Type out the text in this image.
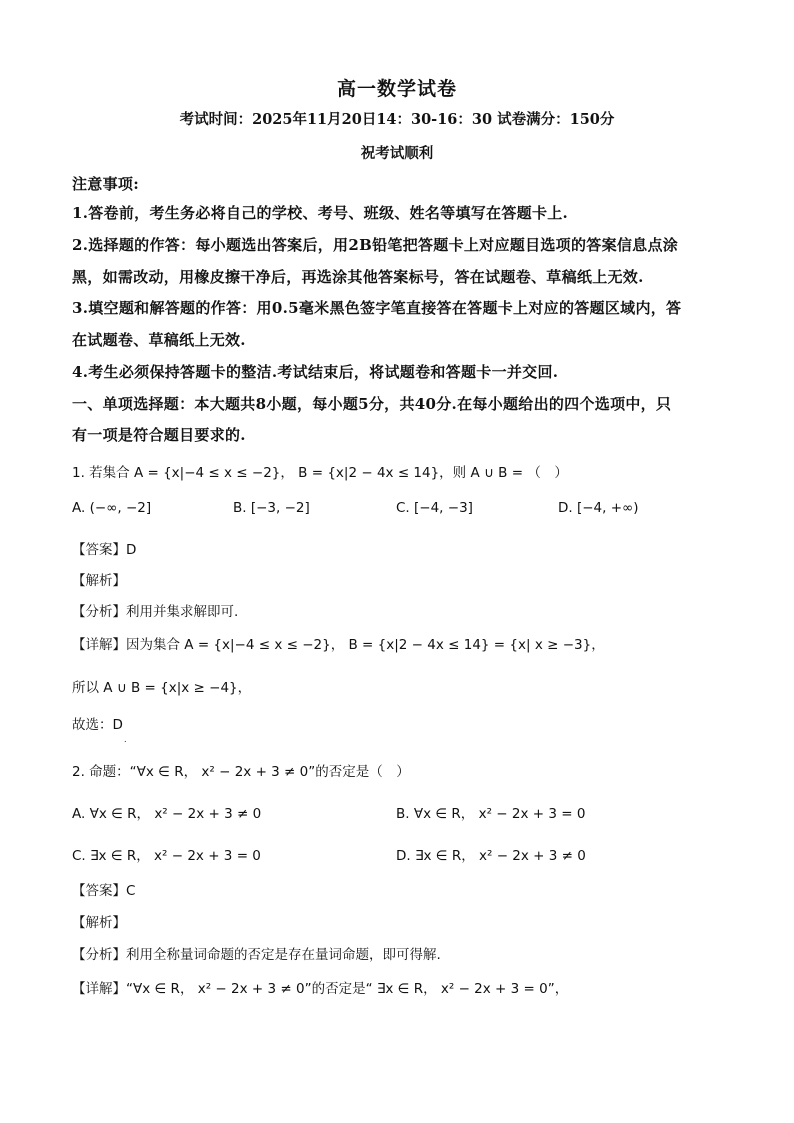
高一数学试卷
考试时间：2025年11月20日14：30-16：30 试卷满分：150分
祝考试顺利
注意事项:
1.答卷前，考生务必将自己的学校、考号、班级、姓名等填写在答题卡上.
2.选择题的作答：每小题选出答案后，用2B铅笔把答题卡上对应题目选项的答案信息点涂
黑，如需改动，用橡皮擦干净后，再选涂其他答案标号，答在试题卷、草稿纸上无效.
3.填空题和解答题的作答：用0.5毫米黑色签字笔直接答在答题卡上对应的答题区域内，答
在试题卷、草稿纸上无效.
4.考生必须保持答题卡的整洁.考试结束后，将试题卷和答题卡一并交回.
一、单项选择题：本大题共8小题，每小题5分，共40分.在每小题给出的四个选项中，只
有一项是符合题目要求的.
1. 若集合 A = {x|−4 ≤ x ≤ −2}， B = {x|2 − 4x ≤ 14}，则 A ∪ B = （　）
A. (−∞, −2]	B. [−3, −2]	C. [−4, −3]	D. [−4, +∞)
【答案】D
【解析】
【分析】利用并集求解即可.
【详解】因为集合 A = {x|−4 ≤ x ≤ −2}， B = {x|2 − 4x ≤ 14} = {x| x ≥ −3}，
所以 A ∪ B = {x|x ≥ −4}，
故选：D
.
2. 命题：“∀x ∈ R， x² − 2x + 3 ≠ 0”的否定是（　）
A. ∀x ∈ R， x² − 2x + 3 ≠ 0	B. ∀x ∈ R， x² − 2x + 3 = 0
C. ∃x ∈ R， x² − 2x + 3 = 0	D. ∃x ∈ R， x² − 2x + 3 ≠ 0
【答案】C
【解析】
【分析】利用全称量词命题的否定是存在量词命题，即可得解.
【详解】“∀x ∈ R， x² − 2x + 3 ≠ 0”的否定是“ ∃x ∈ R， x² − 2x + 3 = 0”，
